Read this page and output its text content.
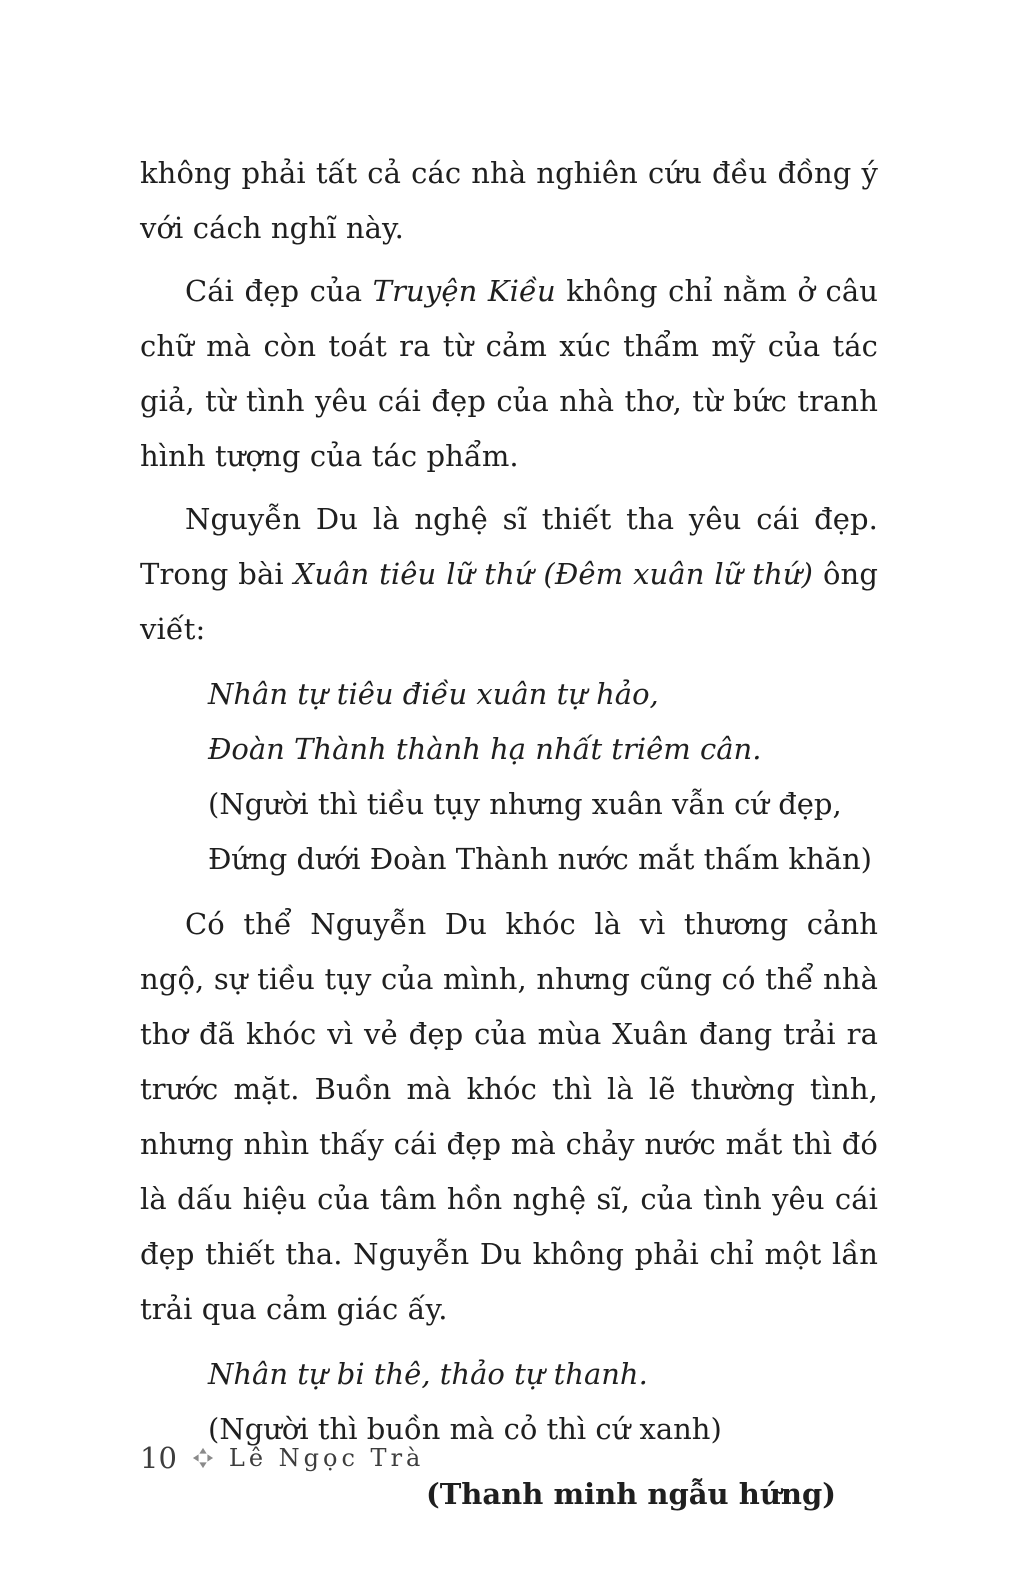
không phải tất cả các nhà nghiên cứu đều đồng ý với cách nghĩ này.

Cái đẹp của Truyện Kiều không chỉ nằm ở câu chữ mà còn toát ra từ cảm xúc thẩm mỹ của tác giả, từ tình yêu cái đẹp của nhà thơ, từ bức tranh hình tượng của tác phẩm.

Nguyễn Du là nghệ sĩ thiết tha yêu cái đẹp. Trong bài Xuân tiêu lữ thứ (Đêm xuân lữ thứ) ông viết:

Nhân tự tiêu điều xuân tự hảo,
Đoàn Thành thành hạ nhất triêm cân.
(Người thì tiều tụy nhưng xuân vẫn cứ đẹp,
Đứng dưới Đoàn Thành nước mắt thấm khăn)

Có thể Nguyễn Du khóc là vì thương cảnh ngộ, sự tiều tụy của mình, nhưng cũng có thể nhà thơ đã khóc vì vẻ đẹp của mùa Xuân đang trải ra trước mặt. Buồn mà khóc thì là lẽ thường tình, nhưng nhìn thấy cái đẹp mà chảy nước mắt thì đó là dấu hiệu của tâm hồn nghệ sĩ, của tình yêu cái đẹp thiết tha. Nguyễn Du không phải chỉ một lần trải qua cảm giác ấy.

Nhân tự bi thê, thảo tự thanh.
(Người thì buồn mà cỏ thì cứ xanh)

(Thanh minh ngẫu hứng)

10 Lê Ngọc Trà
